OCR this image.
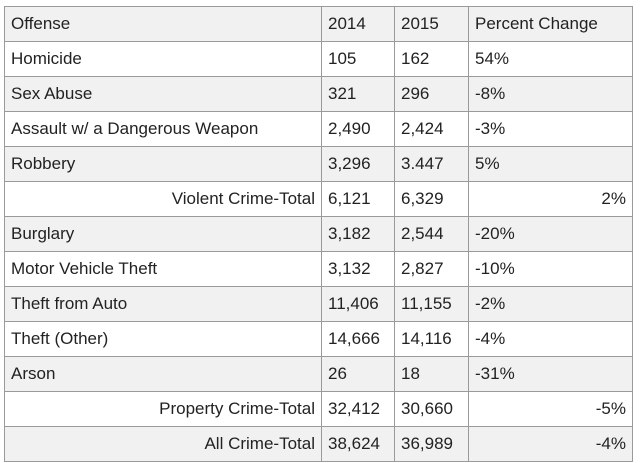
Offense	2014	2015	Percent Change
Homicide	105	162	54%
Sex Abuse	321	296	-8%
Assault w/ a Dangerous Weapon	2,490	2,424	-3%
Robbery	3,296	3.447	5%
Violent Crime-Total	6,121	6,329	2%
Burglary	3,182	2,544	-20%
Motor Vehicle Theft	3,132	2,827	-10%
Theft from Auto	11,406	11,155	-2%
Theft (Other)	14,666	14,116	-4%
Arson	26	18	-31%
Property Crime-Total	32,412	30,660	-5%
All Crime-Total	38,624	36,989	-4%
